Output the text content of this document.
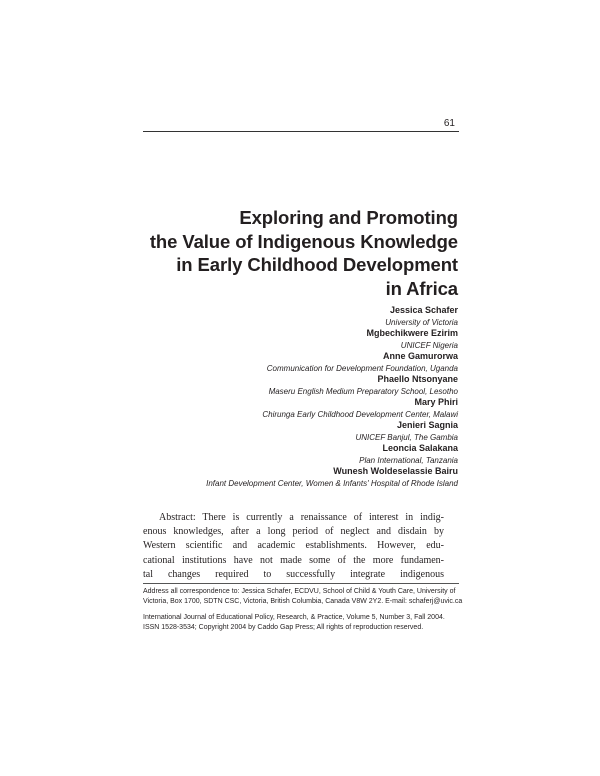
61
Exploring and Promoting
the Value of Indigenous Knowledge
in Early Childhood Development
in Africa
Jessica Schafer
University of Victoria
Mgbechikwere Ezirim
UNICEF Nigeria
Anne Gamurorwa
Communication for Development Foundation, Uganda
Phaello Ntsonyane
Maseru English Medium Preparatory School, Lesotho
Mary Phiri
Chirunga Early Childhood Development Center, Malawi
Jenieri Sagnia
UNICEF Banjul, The Gambia
Leoncia Salakana
Plan International, Tanzania
Wunesh Woldeselassie Bairu
Infant Development Center, Women & Infants' Hospital of Rhode Island
Abstract: There is currently a renaissance of interest in indig-
enous knowledges, after a long period of neglect and disdain by
Western scientific and academic establishments. However, edu-
cational institutions have not made some of the more fundamen-
tal changes required to successfully integrate indigenous
Address all correspondence to: Jessica Schafer, ECDVU, School of Child & Youth Care, University of
Victoria, Box 1700, SDTN CSC, Victoria, British Columbia, Canada V8W 2Y2. E-mail: schaferj@uvic.ca
International Journal of Educational Policy, Research, & Practice, Volume 5, Number 3, Fall 2004.
ISSN 1528-3534; Copyright 2004 by Caddo Gap Press; All rights of reproduction reserved.
